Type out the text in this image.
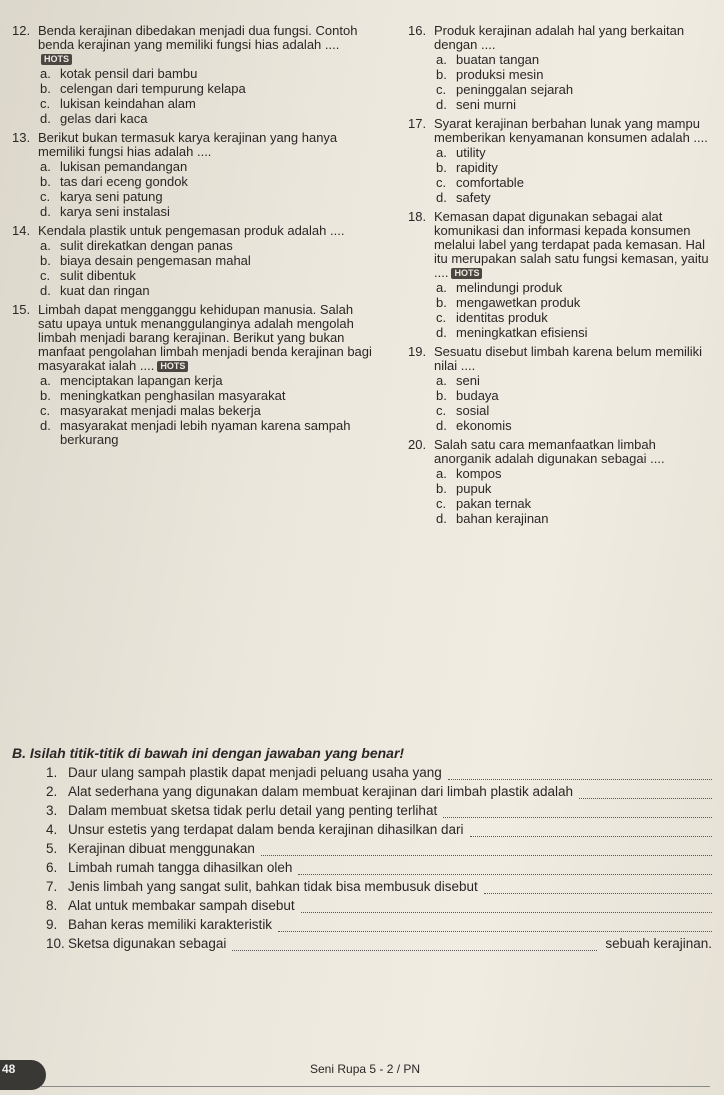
12. Benda kerajinan dibedakan menjadi dua fungsi. Contoh benda kerajinan yang memiliki fungsi hias adalah ....HOTS
a. kotak pensil dari bambu
b. celengan dari tempurung kelapa
c. lukisan keindahan alam
d. gelas dari kaca
13. Berikut bukan termasuk karya kerajinan yang hanya memiliki fungsi hias adalah ....
a. lukisan pemandangan
b. tas dari eceng gondok
c. karya seni patung
d. karya seni instalasi
14. Kendala plastik untuk pengemasan produk adalah ....
a. sulit direkatkan dengan panas
b. biaya desain pengemasan mahal
c. sulit dibentuk
d. kuat dan ringan
15. Limbah dapat mengganggu kehidupan manusia. Salah satu upaya untuk menanggulanginya adalah mengolah limbah menjadi barang kerajinan. Berikut yang bukan manfaat pengolahan limbah menjadi benda kerajinan bagi masyarakat ialah .... HOTS
a. menciptakan lapangan kerja
b. meningkatkan penghasilan masyarakat
c. masyarakat menjadi malas bekerja
d. masyarakat menjadi lebih nyaman karena sampah berkurang
16. Produk kerajinan adalah hal yang berkaitan dengan ....
a. buatan tangan
b. produksi mesin
c. peninggalan sejarah
d. seni murni
17. Syarat kerajinan berbahan lunak yang mampu memberikan kenyamanan konsumen adalah ....
a. utility
b. rapidity
c. comfortable
d. safety
18. Kemasan dapat digunakan sebagai alat komunikasi dan informasi kepada konsumen melalui label yang terdapat pada kemasan. Hal itu merupakan salah satu fungsi kemasan, yaitu .... HOTS
a. melindungi produk
b. mengawetkan produk
c. identitas produk
d. meningkatkan efisiensi
19. Sesuatu disebut limbah karena belum memiliki nilai ....
a. seni
b. budaya
c. sosial
d. ekonomis
20. Salah satu cara memanfaatkan limbah anorganik adalah digunakan sebagai ....
a. kompos
b. pupuk
c. pakan ternak
d. bahan kerajinan
B. Isilah titik-titik di bawah ini dengan jawaban yang benar!
1. Daur ulang sampah plastik dapat menjadi peluang usaha yang
2. Alat sederhana yang digunakan dalam membuat kerajinan dari limbah plastik adalah
3. Dalam membuat sketsa tidak perlu detail yang penting terlihat
4. Unsur estetis yang terdapat dalam benda kerajinan dihasilkan dari
5. Kerajinan dibuat menggunakan
6. Limbah rumah tangga dihasilkan oleh
7. Jenis limbah yang sangat sulit, bahkan tidak bisa membusuk disebut
8. Alat untuk membakar sampah disebut
9. Bahan keras memiliki karakteristik
10. Sketsa digunakan sebagai	sebuah kerajinan.
48	Seni Rupa 5 - 2 / PN
